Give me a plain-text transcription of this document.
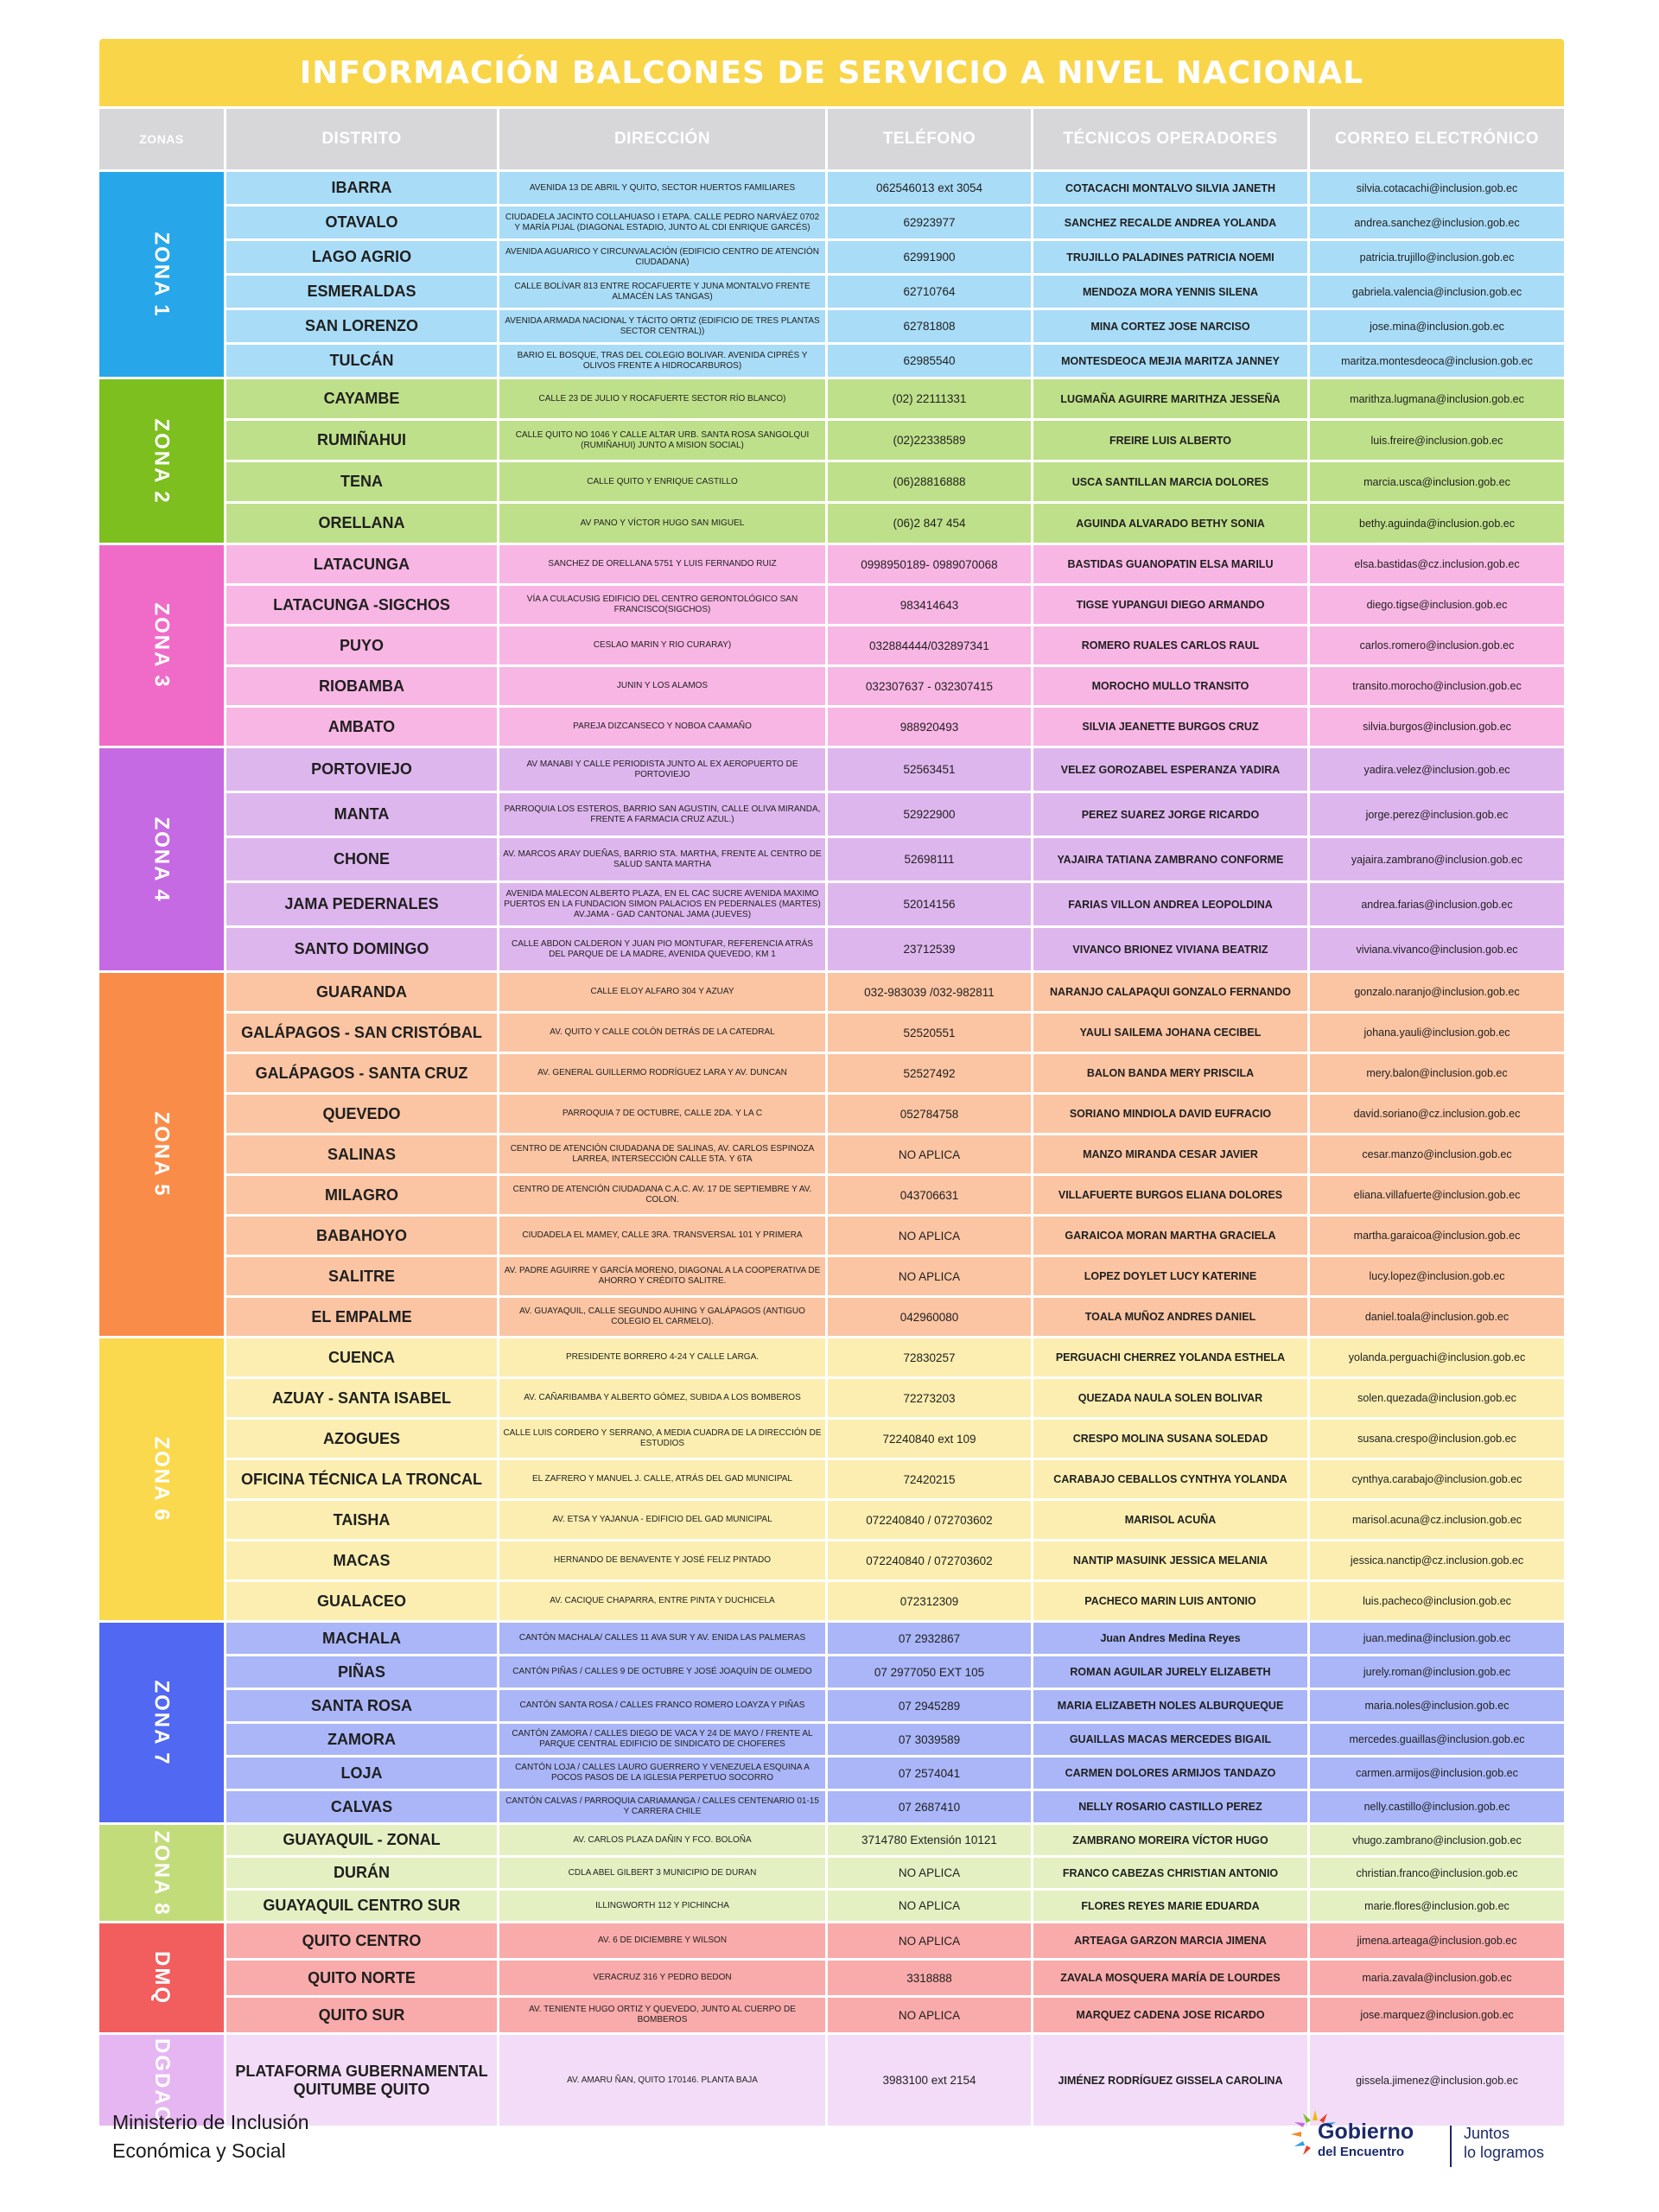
INFORMACIÓN BALCONES DE SERVICIO A NIVEL NACIONAL
ZONAS	DISTRITO	DIRECCIÓN	TELÉFONO	TÉCNICOS OPERADORES	CORREO ELECTRÓNICO
ZONA 1	IBARRA	AVENIDA 13 DE ABRIL Y QUITO, SECTOR HUERTOS FAMILIARES	062546013 ext 3054	COTACACHI MONTALVO SILVIA JANETH	silvia.cotacachi@inclusion.gob.ec
	OTAVALO	CIUDADELA JACINTO COLLAHUASO I ETAPA. CALLE PEDRO NARVÁEZ 0702 Y MARÍA PIJAL (DIAGONAL ESTADIO, JUNTO AL CDI ENRIQUE GARCÉS)	62923977	SANCHEZ RECALDE ANDREA YOLANDA	andrea.sanchez@inclusion.gob.ec
	LAGO AGRIO	AVENIDA AGUARICO Y CIRCUNVALACIÓN (EDIFICIO CENTRO DE ATENCIÓN CIUDADANA)	62991900	TRUJILLO PALADINES PATRICIA NOEMI	patricia.trujillo@inclusion.gob.ec
	ESMERALDAS	CALLE BOLÍVAR 813 ENTRE ROCAFUERTE Y JUNA MONTALVO FRENTE ALMACÉN LAS TANGAS)	62710764	MENDOZA MORA YENNIS SILENA	gabriela.valencia@inclusion.gob.ec
	SAN LORENZO	AVENIDA ARMADA NACIONAL Y TÁCITO ORTIZ (EDIFICIO DE TRES PLANTAS SECTOR CENTRAL))	62781808	MINA CORTEZ JOSE NARCISO	jose.mina@inclusion.gob.ec
	TULCÁN	BARIO EL BOSQUE, TRAS DEL COLEGIO BOLIVAR. AVENIDA CIPRÉS Y OLIVOS FRENTE A HIDROCARBUROS)	62985540	MONTESDEOCA MEJIA MARITZA JANNEY	maritza.montesdeoca@inclusion.gob.ec
ZONA 2	CAYAMBE	CALLE 23 DE JULIO Y ROCAFUERTE SECTOR RÍO BLANCO)	(02) 22111331	LUGMAÑA AGUIRRE MARITHZA JESSEÑA	marithza.lugmana@inclusion.gob.ec
	RUMIÑAHUI	CALLE QUITO NO 1046 Y CALLE ALTAR URB. SANTA ROSA SANGOLQUI (RUMIÑAHUI) JUNTO A MISION SOCIAL)	(02)22338589	FREIRE LUIS ALBERTO	luis.freire@inclusion.gob.ec
	TENA	CALLE QUITO Y ENRIQUE CASTILLO	(06)28816888	USCA SANTILLAN MARCIA DOLORES	marcia.usca@inclusion.gob.ec
	ORELLANA	AV PANO Y VÍCTOR HUGO SAN MIGUEL	(06)2 847 454	AGUINDA ALVARADO BETHY SONIA	bethy.aguinda@inclusion.gob.ec
ZONA 3	LATACUNGA	SANCHEZ DE ORELLANA 5751 Y LUIS FERNANDO RUIZ	0998950189- 0989070068	BASTIDAS GUANOPATIN ELSA MARILU	elsa.bastidas@cz.inclusion.gob.ec
	LATACUNGA -SIGCHOS	VÍA A CULACUSIG EDIFICIO DEL CENTRO GERONTOLÓGICO SAN FRANCISCO(SIGCHOS)	983414643	TIGSE YUPANGUI DIEGO ARMANDO	diego.tigse@inclusion.gob.ec
	PUYO	CESLAO MARIN Y RIO CURARAY)	032884444/032897341	ROMERO RUALES CARLOS RAUL	carlos.romero@inclusion.gob.ec
	RIOBAMBA	JUNIN Y LOS ALAMOS	032307637 - 032307415	MOROCHO MULLO TRANSITO	transito.morocho@inclusion.gob.ec
	AMBATO	PAREJA DIZCANSECO Y NOBOA CAAMAÑO	988920493	SILVIA JEANETTE BURGOS CRUZ	silvia.burgos@inclusion.gob.ec
ZONA 4	PORTOVIEJO	AV MANABI Y CALLE PERIODISTA JUNTO AL EX AEROPUERTO DE PORTOVIEJO	52563451	VELEZ GOROZABEL ESPERANZA YADIRA	yadira.velez@inclusion.gob.ec
	MANTA	PARROQUIA LOS ESTEROS, BARRIO SAN AGUSTIN, CALLE OLIVA MIRANDA, FRENTE A FARMACIA CRUZ AZUL.)	52922900	PEREZ SUAREZ JORGE RICARDO	jorge.perez@inclusion.gob.ec
	CHONE	AV. MARCOS ARAY DUEÑAS, BARRIO STA. MARTHA, FRENTE AL CENTRO DE SALUD SANTA MARTHA	52698111	YAJAIRA TATIANA ZAMBRANO CONFORME	yajaira.zambrano@inclusion.gob.ec
	JAMA PEDERNALES	AVENIDA MALECON ALBERTO PLAZA, EN EL CAC SUCRE AVENIDA MAXIMO PUERTOS EN LA FUNDACION SIMON PALACIOS EN PEDERNALES (MARTES) AV.JAMA - GAD CANTONAL JAMA (JUEVES)	52014156	FARIAS VILLON ANDREA LEOPOLDINA	andrea.farias@inclusion.gob.ec
	SANTO DOMINGO	CALLE ABDON CALDERON Y JUAN PIO MONTUFAR, REFERENCIA ATRÁS DEL PARQUE DE LA MADRE, AVENIDA QUEVEDO, KM 1	23712539	VIVANCO BRIONEZ VIVIANA BEATRIZ	viviana.vivanco@inclusion.gob.ec
ZONA 5	GUARANDA	CALLE ELOY ALFARO 304 Y AZUAY	032-983039 /032-982811	NARANJO CALAPAQUI GONZALO FERNANDO	gonzalo.naranjo@inclusion.gob.ec
	GALÁPAGOS - SAN CRISTÓBAL	AV. QUITO Y CALLE COLÓN DETRÁS DE LA CATEDRAL	52520551	YAULI SAILEMA JOHANA CECIBEL	johana.yauli@inclusion.gob.ec
	GALÁPAGOS - SANTA CRUZ	AV. GENERAL GUILLERMO RODRÍGUEZ LARA Y AV. DUNCAN	52527492	BALON BANDA MERY PRISCILA	mery.balon@inclusion.gob.ec
	QUEVEDO	PARROQUIA 7 DE OCTUBRE, CALLE 2DA. Y LA C	052784758	SORIANO MINDIOLA DAVID EUFRACIO	david.soriano@cz.inclusion.gob.ec
	SALINAS	CENTRO DE ATENCIÓN CIUDADANA DE SALINAS, AV. CARLOS ESPINOZA LARREA, INTERSECCIÓN CALLE 5TA. Y 6TA	NO APLICA	MANZO MIRANDA CESAR JAVIER	cesar.manzo@inclusion.gob.ec
	MILAGRO	CENTRO DE ATENCIÓN CIUDADANA C.A.C. AV. 17 DE SEPTIEMBRE Y AV. COLON.	043706631	VILLAFUERTE BURGOS ELIANA DOLORES	eliana.villafuerte@inclusion.gob.ec
	BABAHOYO	CIUDADELA EL MAMEY, CALLE 3RA. TRANSVERSAL 101 Y PRIMERA	NO APLICA	GARAICOA MORAN MARTHA GRACIELA	martha.garaicoa@inclusion.gob.ec
	SALITRE	AV. PADRE AGUIRRE Y GARCÍA MORENO, DIAGONAL A LA COOPERATIVA DE AHORRO Y CRÉDITO SALITRE.	NO APLICA	LOPEZ DOYLET LUCY KATERINE	lucy.lopez@inclusion.gob.ec
	EL EMPALME	AV. GUAYAQUIL, CALLE SEGUNDO AUHING Y GALÁPAGOS (ANTIGUO COLEGIO EL CARMELO).	042960080	TOALA MUÑOZ ANDRES DANIEL	daniel.toala@inclusion.gob.ec
ZONA 6	CUENCA	PRESIDENTE BORRERO 4-24 Y CALLE LARGA.	72830257	PERGUACHI CHERREZ YOLANDA ESTHELA	yolanda.perguachi@inclusion.gob.ec
	AZUAY - SANTA ISABEL	AV. CAÑARIBAMBA Y ALBERTO GÓMEZ, SUBIDA A LOS BOMBEROS	72273203	QUEZADA NAULA SOLEN BOLIVAR	solen.quezada@inclusion.gob.ec
	AZOGUES	CALLE LUIS CORDERO Y SERRANO, A MEDIA CUADRA DE LA DIRECCIÓN DE ESTUDIOS	72240840 ext 109	CRESPO MOLINA SUSANA SOLEDAD	susana.crespo@inclusion.gob.ec
	OFICINA TÉCNICA LA TRONCAL	EL ZAFRERO Y MANUEL J. CALLE, ATRÁS DEL GAD MUNICIPAL	72420215	CARABAJO CEBALLOS CYNTHYA YOLANDA	cynthya.carabajo@inclusion.gob.ec
	TAISHA	AV. ETSA Y YAJANUA - EDIFICIO DEL GAD MUNICIPAL	072240840 / 072703602	MARISOL ACUÑA	marisol.acuna@cz.inclusion.gob.ec
	MACAS	HERNANDO DE BENAVENTE Y JOSÉ FELIZ PINTADO	072240840 / 072703602	NANTIP MASUINK JESSICA MELANIA	jessica.nanctip@cz.inclusion.gob.ec
	GUALACEO	AV. CACIQUE CHAPARRA, ENTRE PINTA Y DUCHICELA	072312309	PACHECO MARIN LUIS ANTONIO	luis.pacheco@inclusion.gob.ec
ZONA 7	MACHALA	CANTÓN MACHALA/ CALLES 11 AVA SUR Y AV. ENIDA LAS PALMERAS	07 2932867	Juan Andres Medina Reyes	juan.medina@inclusion.gob.ec
	PIÑAS	CANTÓN PIÑAS / CALLES 9 DE OCTUBRE Y JOSÉ JOAQUÍN DE OLMEDO	07 2977050 EXT 105	ROMAN AGUILAR JURELY ELIZABETH	jurely.roman@inclusion.gob.ec
	SANTA ROSA	CANTÓN SANTA ROSA / CALLES FRANCO ROMERO LOAYZA Y PIÑAS	07 2945289	MARIA ELIZABETH NOLES ALBURQUEQUE	maria.noles@inclusion.gob.ec
	ZAMORA	CANTÓN ZAMORA / CALLES DIEGO DE VACA Y 24 DE MAYO / FRENTE AL PARQUE CENTRAL EDIFICIO DE SINDICATO DE CHOFERES	07 3039589	GUAILLAS MACAS MERCEDES BIGAIL	mercedes.guaillas@inclusion.gob.ec
	LOJA	CANTÓN LOJA / CALLES LAURO GUERRERO Y VENEZUELA ESQUINA A POCOS PASOS DE LA IGLESIA PERPETUO SOCORRO	07 2574041	CARMEN DOLORES ARMIJOS TANDAZO	carmen.armijos@inclusion.gob.ec
	CALVAS	CANTÓN CALVAS / PARROQUIA CARIAMANGA / CALLES CENTENARIO 01-15 Y CARRERA CHILE	07 2687410	NELLY ROSARIO CASTILLO PEREZ	nelly.castillo@inclusion.gob.ec
ZONA 8	GUAYAQUIL - ZONAL	AV. CARLOS PLAZA DAÑIN Y FCO. BOLOÑA	3714780 Extensión 10121	ZAMBRANO MOREIRA VÍCTOR HUGO	vhugo.zambrano@inclusion.gob.ec
	DURÁN	CDLA ABEL GILBERT 3 MUNICIPIO DE DURAN	NO APLICA	FRANCO CABEZAS CHRISTIAN ANTONIO	christian.franco@inclusion.gob.ec
	GUAYAQUIL CENTRO SUR	ILLINGWORTH 112 Y PICHINCHA	NO APLICA	FLORES REYES MARIE EDUARDA	marie.flores@inclusion.gob.ec
DMQ	QUITO CENTRO	AV. 6 DE DICIEMBRE Y WILSON	NO APLICA	ARTEAGA GARZON MARCIA JIMENA	jimena.arteaga@inclusion.gob.ec
	QUITO NORTE	VERACRUZ 316 Y PEDRO BEDON	3318888	ZAVALA MOSQUERA MARÍA DE LOURDES	maria.zavala@inclusion.gob.ec
	QUITO SUR	AV. TENIENTE HUGO ORTIZ Y QUEVEDO, JUNTO AL CUERPO DE BOMBEROS	NO APLICA	MARQUEZ CADENA JOSE RICARDO	jose.marquez@inclusion.gob.ec
DGDAC	PLATAFORMA GUBERNAMENTAL QUITUMBE QUITO	AV. AMARU ÑAN, QUITO 170146. PLANTA BAJA	3983100 ext 2154	JIMÉNEZ RODRÍGUEZ GISSELA CAROLINA	gissela.jimenez@inclusion.gob.ec
Ministerio de Inclusión
Económica y Social
Gobierno
del Encuentro
Juntos
lo logramos
